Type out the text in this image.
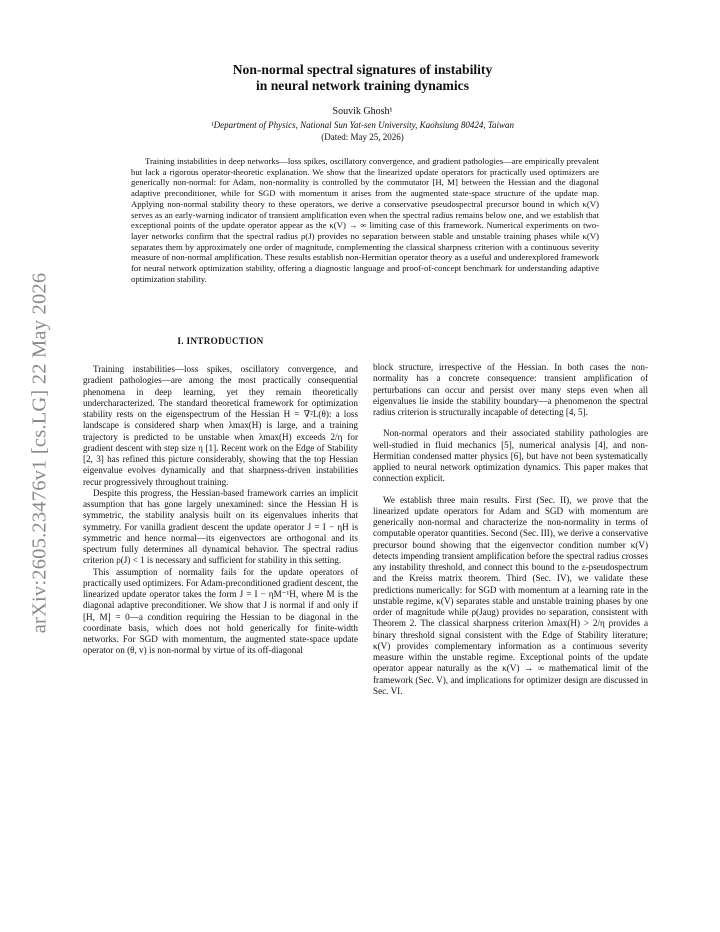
arXiv:2605.23476v1 [cs.LG] 22 May 2026
Non-normal spectral signatures of instability
in neural network training dynamics
Souvik Ghosh¹
¹Department of Physics, National Sun Yat-sen University, Kaohsiung 80424, Taiwan
(Dated: May 25, 2026)

Training instabilities in deep networks—loss spikes, oscillatory convergence, and gradient pathologies—are empirically prevalent but lack a rigorous operator-theoretic explanation. We show that the linearized update operators for practically used optimizers are generically non-normal: for Adam, non-normality is controlled by the commutator [H, M] between the Hessian and the diagonal adaptive preconditioner, while for SGD with momentum it arises from the augmented state-space structure of the update map. Applying non-normal stability theory to these operators, we derive a conservative pseudospectral precursor bound in which κ(V) serves as an early-warning indicator of transient amplification even when the spectral radius remains below one, and we establish that exceptional points of the update operator appear as the κ(V) → ∞ limiting case of this framework. Numerical experiments on two-layer networks confirm that the spectral radius ρ(J) provides no separation between stable and unstable training phases while κ(V) separates them by approximately one order of magnitude, complementing the classical sharpness criterion with a continuous severity measure of non-normal amplification. These results establish non-Hermitian operator theory as a useful and underexplored framework for neural network optimization stability, offering a diagnostic language and proof-of-concept benchmark for understanding adaptive optimization stability.

I. INTRODUCTION

Training instabilities—loss spikes, oscillatory convergence, and gradient pathologies—are among the most practically consequential phenomena in deep learning, yet they remain theoretically undercharacterized. The standard theoretical framework for optimization stability rests on the eigenspectrum of the Hessian H = ∇²L(θ): a loss landscape is considered sharp when λmax(H) is large, and a training trajectory is predicted to be unstable when λmax(H) exceeds 2/η for gradient descent with step size η [1]. Recent work on the Edge of Stability [2, 3] has refined this picture considerably, showing that the top Hessian eigenvalue evolves dynamically and that sharpness-driven instabilities recur progressively throughout training.

Despite this progress, the Hessian-based framework carries an implicit assumption that has gone largely unexamined: since the Hessian H is symmetric, the stability analysis built on its eigenvalues inherits that symmetry. For vanilla gradient descent the update operator J = I − ηH is symmetric and hence normal—its eigenvectors are orthogonal and its spectrum fully determines all dynamical behavior. The spectral radius criterion ρ(J) < 1 is necessary and sufficient for stability in this setting.

This assumption of normality fails for the update operators of practically used optimizers. For Adam-preconditioned gradient descent, the linearized update operator takes the form J = I − ηM⁻¹H, where M is the diagonal adaptive preconditioner. We show that J is normal if and only if [H, M] = 0—a condition requiring the Hessian to be diagonal in the coordinate basis, which does not hold generically for finite-width networks. For SGD with momentum, the augmented state-space update operator on (θ, v) is non-normal by virtue of its off-diagonal

block structure, irrespective of the Hessian. In both cases the non-normality has a concrete consequence: transient amplification of perturbations can occur and persist over many steps even when all eigenvalues lie inside the stability boundary—a phenomenon the spectral radius criterion is structurally incapable of detecting [4, 5].

Non-normal operators and their associated stability pathologies are well-studied in fluid mechanics [5], numerical analysis [4], and non-Hermitian condensed matter physics [6], but have not been systematically applied to neural network optimization dynamics. This paper makes that connection explicit.

We establish three main results. First (Sec. II), we prove that the linearized update operators for Adam and SGD with momentum are generically non-normal and characterize the non-normality in terms of computable operator quantities. Second (Sec. III), we derive a conservative precursor bound showing that the eigenvector condition number κ(V) detects impending transient amplification before the spectral radius crosses any instability threshold, and connect this bound to the ε-pseudospectrum and the Kreiss matrix theorem. Third (Sec. IV), we validate these predictions numerically: for SGD with momentum at a learning rate in the unstable regime, κ(V) separates stable and unstable training phases by one order of magnitude while ρ(Jaug) provides no separation, consistent with Theorem 2. The classical sharpness criterion λmax(H) > 2/η provides a binary threshold signal consistent with the Edge of Stability literature; κ(V) provides complementary information as a continuous severity measure within the unstable regime. Exceptional points of the update operator appear naturally as the κ(V) → ∞ mathematical limit of the framework (Sec. V), and implications for optimizer design are discussed in Sec. VI.
